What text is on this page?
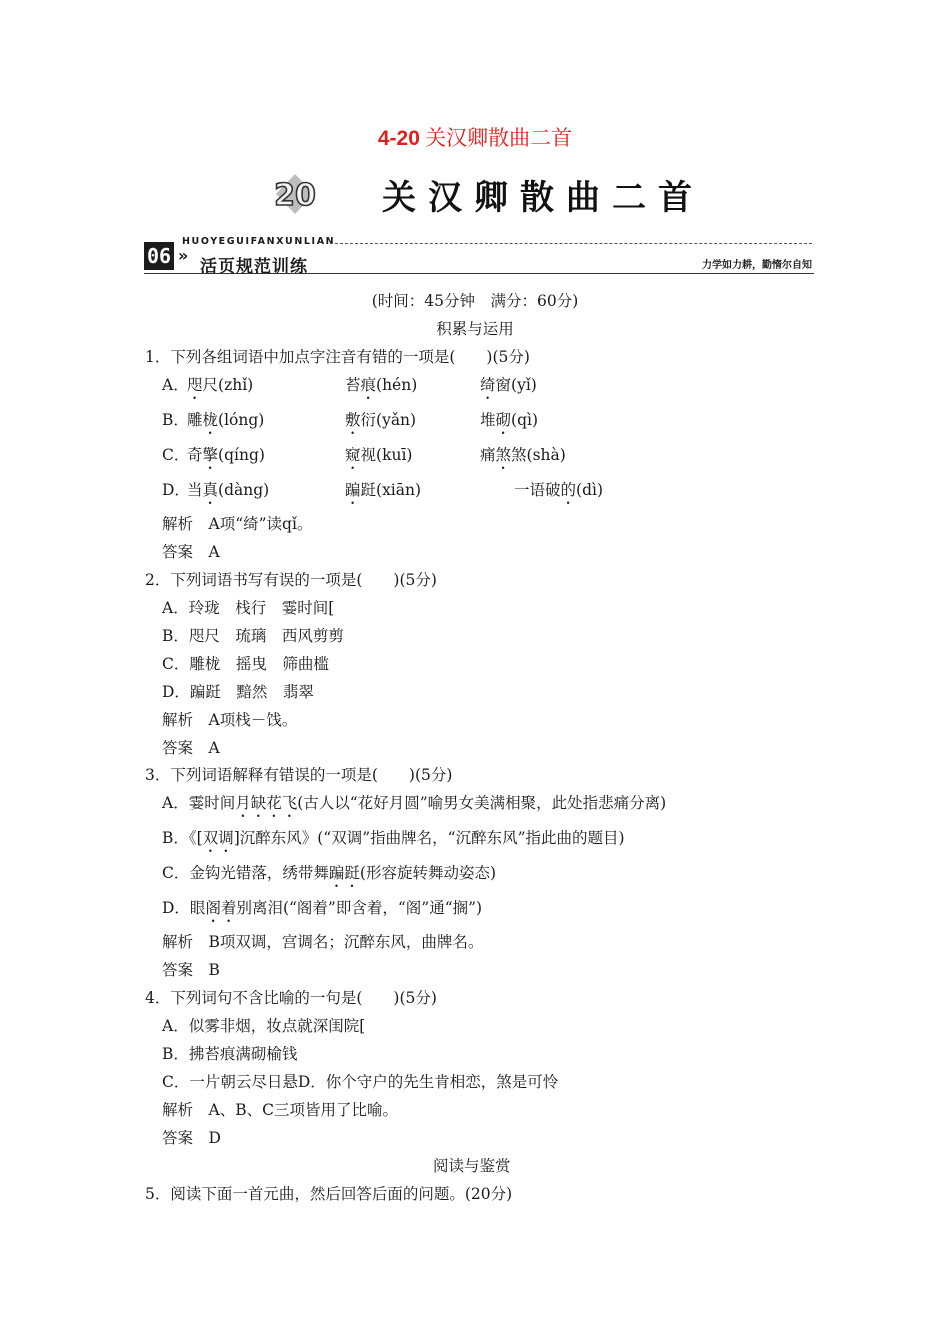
4-20 关汉卿散曲二首
20 关汉卿散曲二首
06
HUOYEGUIFANXUNLIAN
»
活页规范训练	力学如力耕，勤惰尔自知
(时间：45分钟　满分：60分)
积累与运用
1．下列各组词语中加点字注音有错的一项是(　　)(5分)
A．
咫尺(zhǐ)	苔痕(hén)	绮窗(yǐ)
B．
雕栊(lóng)	敷衍(yǎn)	堆砌(qì)
C．
奇擎(qíng)	窥视(kuī)	痛煞煞(shà)
D．
当真(dàng)	蹁跹(xiān)	一语破的(dì)
解析　A项“绮”读qǐ。
答案　A
2．下列词语书写有误的一项是(　　)(5分)
A．玲珑　栈行　霎时间[
B．咫尺　琉璃　西风剪剪
C．雕栊　摇曳　筛曲槛
D．蹁跹　黯然　翡翠
解析　A项栈－饯。
答案　A
3．下列词语解释有错误的一项是(　　)(5分)
A．霎时间月缺花飞(古人以“花好月圆”喻男女美满相聚，此处指悲痛分离)
B．《[双调]沉醉东风》(“双调”指曲牌名，“沉醉东风”指此曲的题目)
C．金钩光错落，绣带舞蹁跹(形容旋转舞动姿态)
D．眼阁着别离泪(“阁着”即含着，“阁”通“搁”)
解析　B项双调，宫调名；沉醉东风，曲牌名。
答案　B
4．下列词句不含比喻的一句是(　　)(5分)
A．似雾非烟，妆点就深闺院[
B．拂苔痕满砌榆钱
C．一片朝云尽日悬D．你个守户的先生肯相恋，煞是可怜
解析　A、B、C三项皆用了比喻。
答案　D
阅读与鉴赏
5．阅读下面一首元曲，然后回答后面的问题。(20分)
